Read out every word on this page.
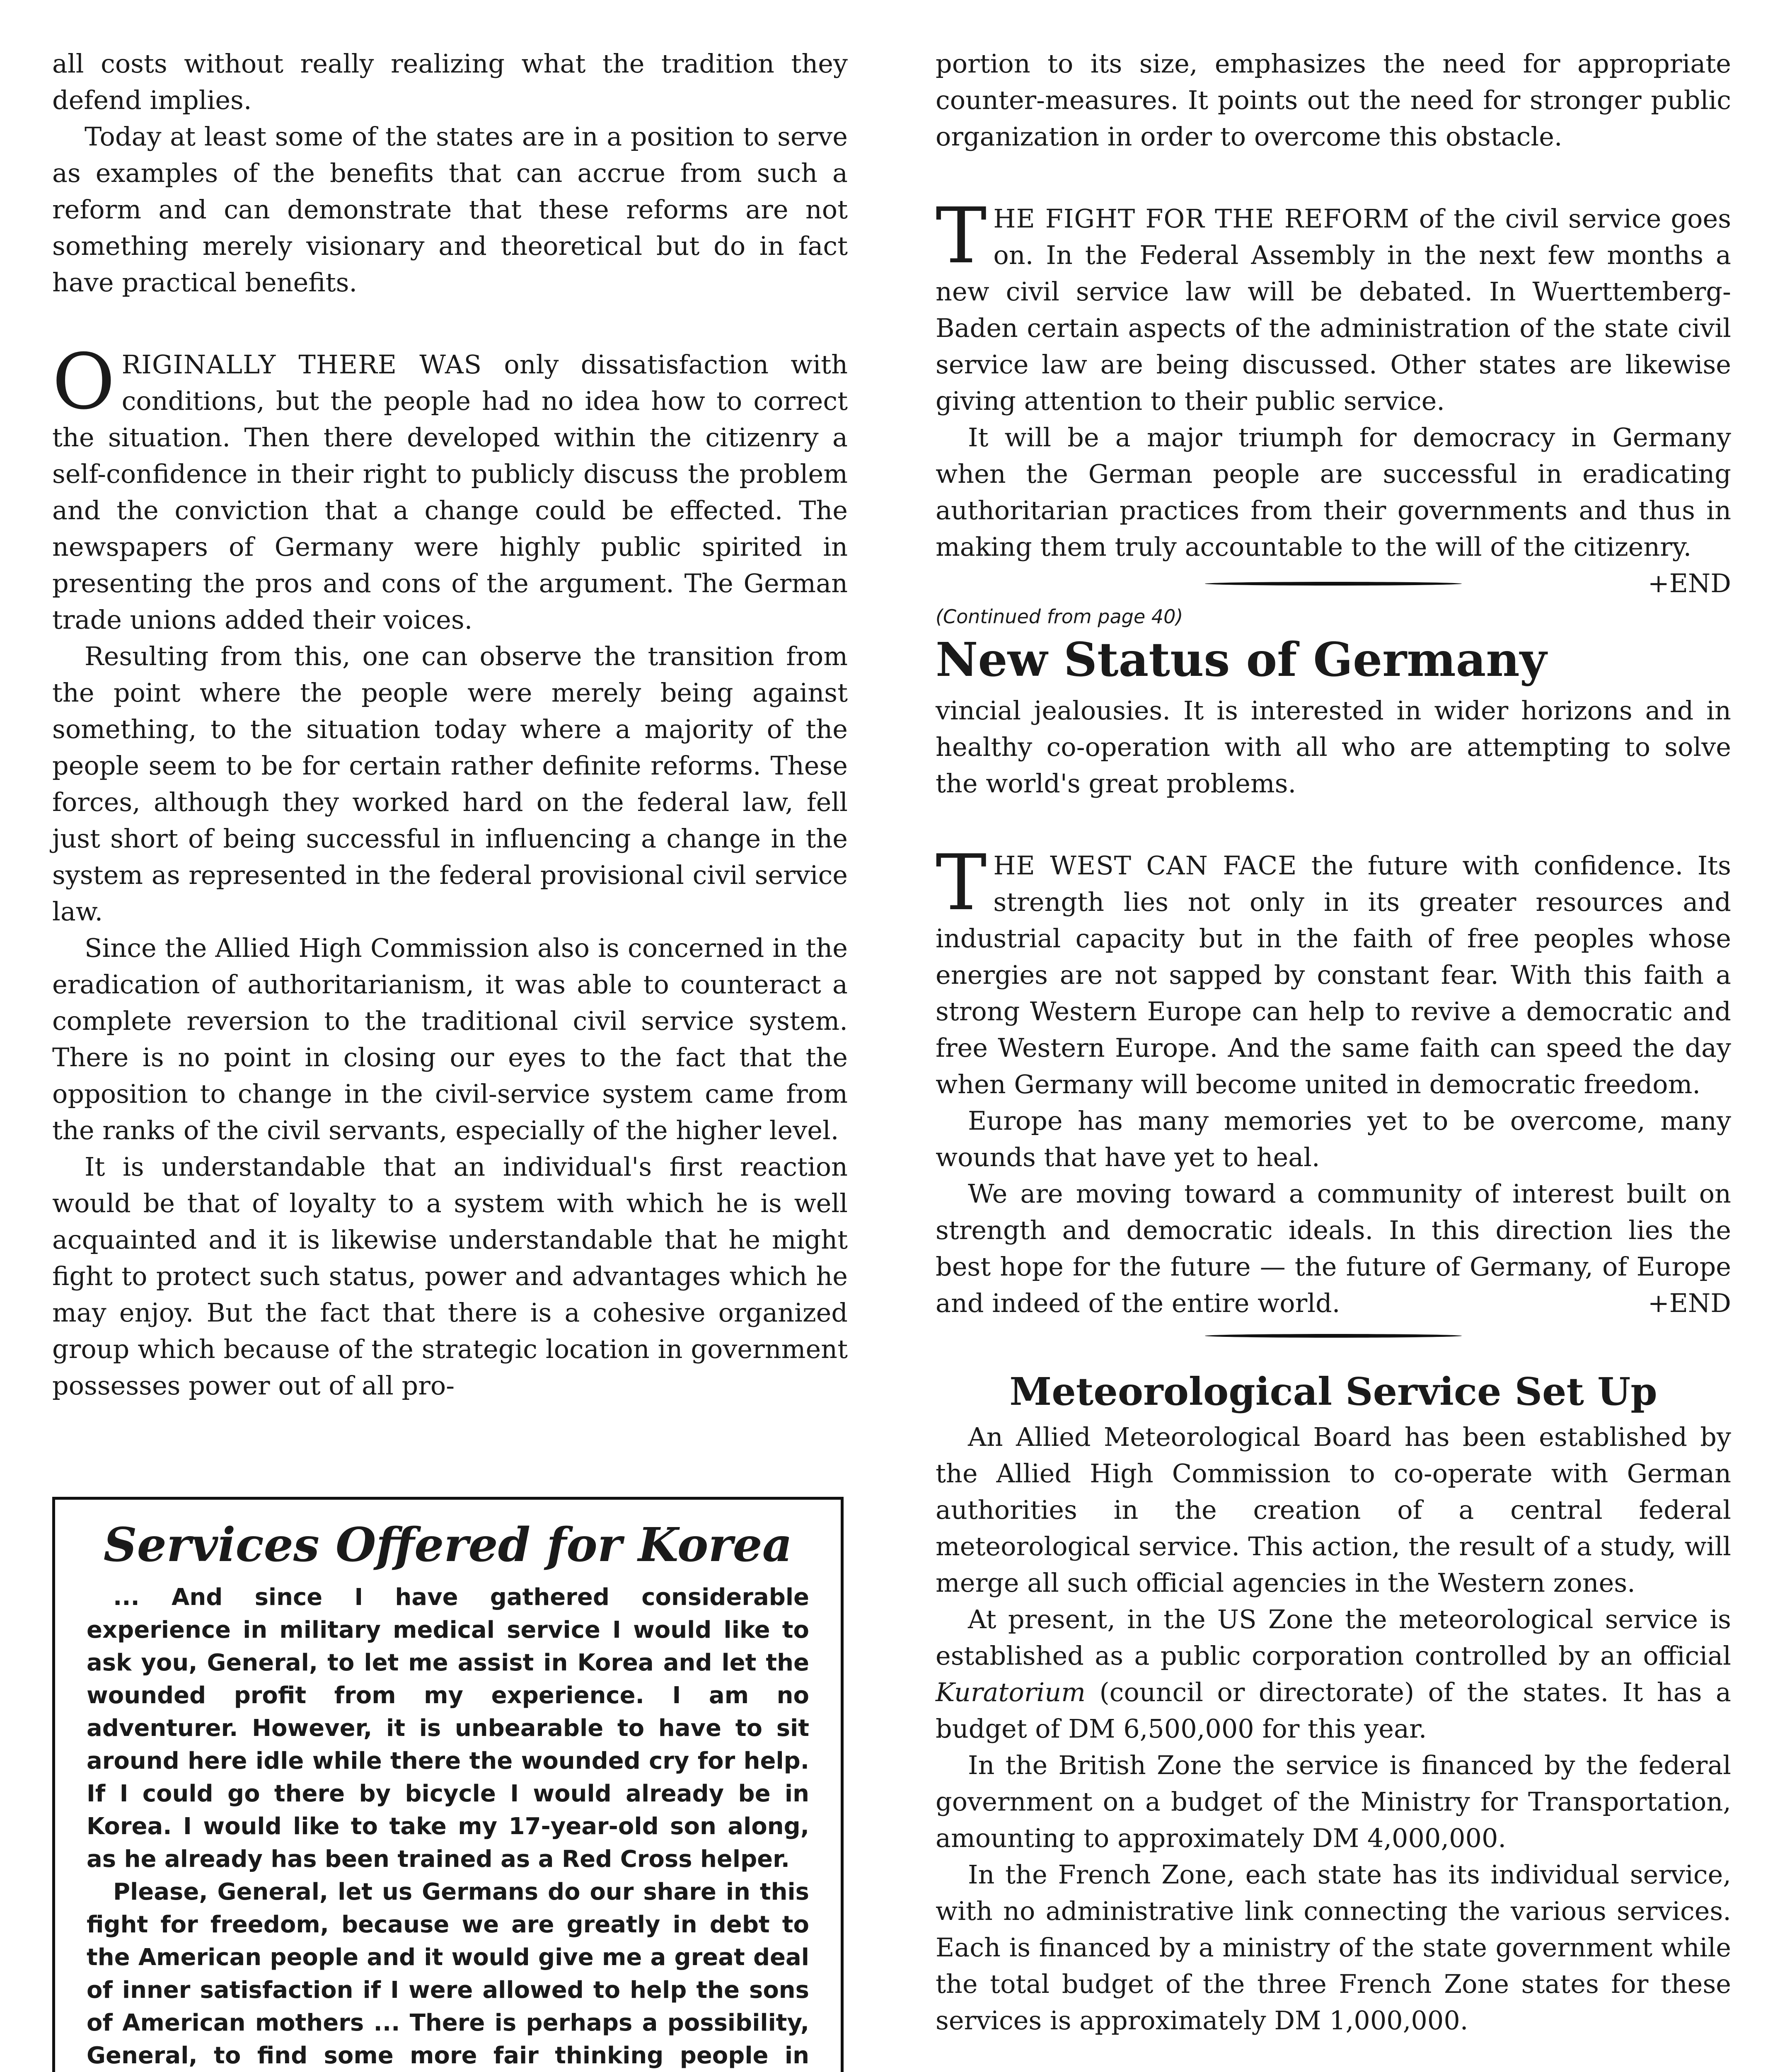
all costs without really realizing what the tradition they defend implies.

Today at least some of the states are in a position to serve as examples of the benefits that can accrue from such a reform and can demonstrate that these reforms are not something merely visionary and theoretical but do in fact have practical benefits.

ORIGINALLY THERE WAS only dissatisfaction with conditions, but the people had no idea how to correct the situation. Then there developed within the citizenry a self-confidence in their right to publicly discuss the problem and the conviction that a change could be effected. The newspapers of Germany were highly public spirited in presenting the pros and cons of the argument. The German trade unions added their voices.

Resulting from this, one can observe the transition from the point where the people were merely being against something, to the situation today where a majority of the people seem to be for certain rather definite reforms. These forces, although they worked hard on the federal law, fell just short of being successful in influencing a change in the system as represented in the federal provisional civil service law.

Since the Allied High Commission also is concerned in the eradication of authoritarianism, it was able to counteract a complete reversion to the traditional civil service system. There is no point in closing our eyes to the fact that the opposition to change in the civil-service system came from the ranks of the civil servants, especially of the higher level.

It is understandable that an individual's first reaction would be that of loyalty to a system with which he is well acquainted and it is likewise understandable that he might fight to protect such status, power and advantages which he may enjoy. But the fact that there is a cohesive organized group which because of the strategic location in government possesses power out of all pro-

Services Offered for Korea

... And since I have gathered considerable experience in military medical service I would like to ask you, General, to let me assist in Korea and let the wounded profit from my experience. I am no adventurer. However, it is unbearable to have to sit around here idle while there the wounded cry for help. If I could go there by bicycle I would already be in Korea. I would like to take my 17-year-old son along, as he already has been trained as a Red Cross helper.

Please, General, let us Germans do our share in this fight for freedom, because we are greatly in debt to the American people and it would give me a great deal of inner satisfaction if I were allowed to help the sons of American mothers ... There is perhaps a possibility, General, to find some more fair thinking people in

portion to its size, emphasizes the need for appropriate counter-measures. It points out the need for stronger public organization in order to overcome this obstacle.

THE FIGHT FOR THE REFORM of the civil service goes on. In the Federal Assembly in the next few months a new civil service law will be debated. In Wuerttemberg-Baden certain aspects of the administration of the state civil service law are being discussed. Other states are likewise giving attention to their public service.

It will be a major triumph for democracy in Germany when the German people are successful in eradicating authoritarian practices from their governments and thus in making them truly accountable to the will of the citizenry.
+END

(Continued from page 40)
New Status of Germany

vincial jealousies. It is interested in wider horizons and in healthy co-operation with all who are attempting to solve the world's great problems.

THE WEST CAN FACE the future with confidence. Its strength lies not only in its greater resources and industrial capacity but in the faith of free peoples whose energies are not sapped by constant fear. With this faith a strong Western Europe can help to revive a democratic and free Western Europe. And the same faith can speed the day when Germany will become united in democratic freedom.

Europe has many memories yet to be overcome, many wounds that have yet to heal.

We are moving toward a community of interest built on strength and democratic ideals. In this direction lies the best hope for the future — the future of Germany, of Europe and indeed of the entire world.	+END

Meteorological Service Set Up

An Allied Meteorological Board has been established by the Allied High Commission to co-operate with German authorities in the creation of a central federal meteorological service. This action, the result of a study, will merge all such official agencies in the Western zones.

At present, in the US Zone the meteorological service is established as a public corporation controlled by an official Kuratorium (council or directorate) of the states. It has a budget of DM 6,500,000 for this year.

In the British Zone the service is financed by the federal government on a budget of the Ministry for Transportation, amounting to approximately DM 4,000,000.

In the French Zone, each state has its individual service, with no administrative link connecting the various services. Each is financed by a ministry of the state government while the total budget of the three French Zone states for these services is approximately DM 1,000,000.
